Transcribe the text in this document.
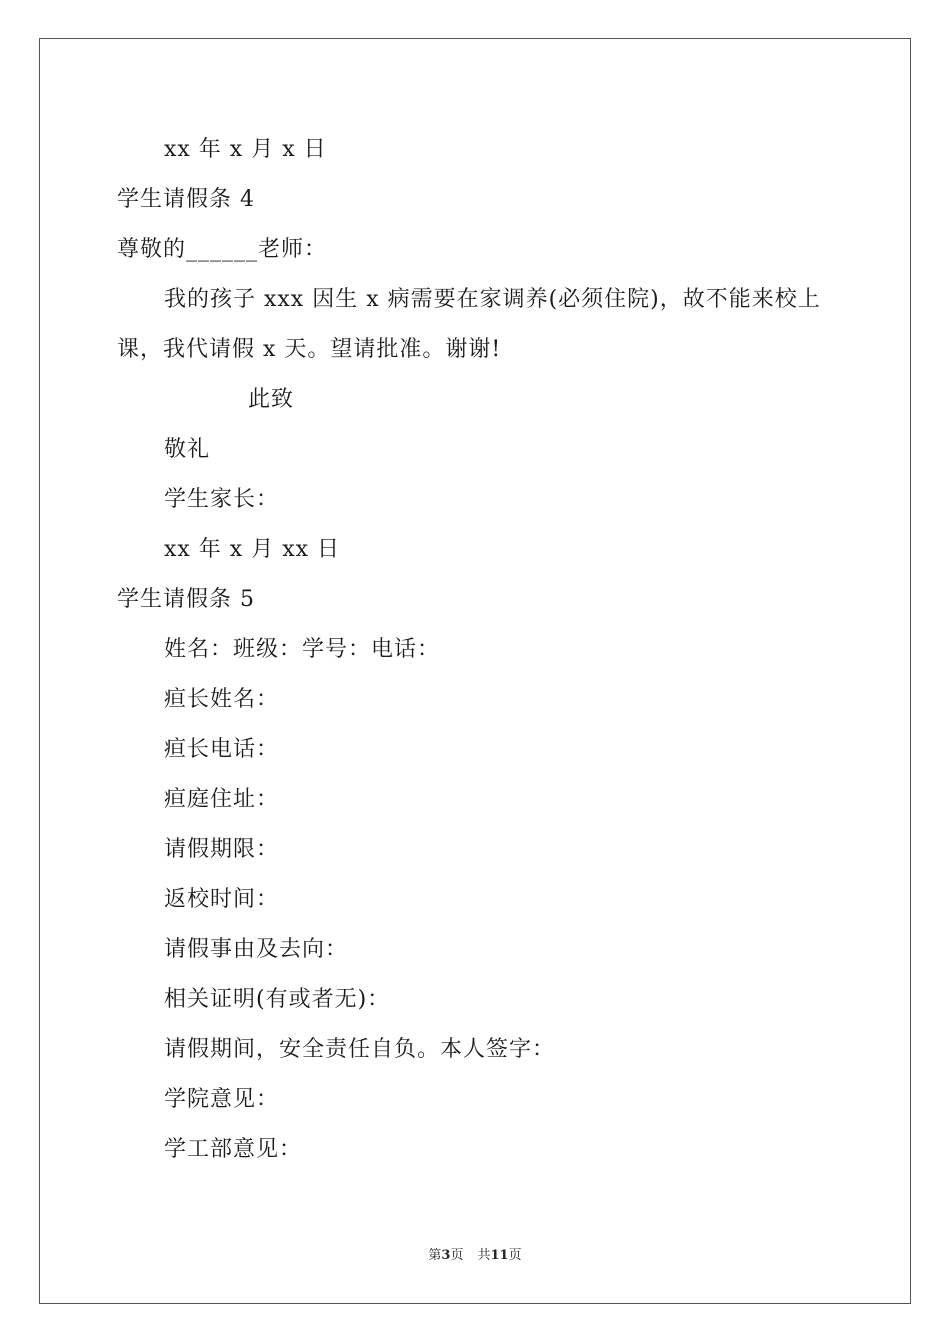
xx 年 x 月 x 日
学生请假条 4
尊敬的______老师：
我的孩子 xxx 因生 x 病需要在家调养(必须住院)，故不能来校上
课，我代请假 x 天。望请批准。谢谢!
此致
敬礼
学生家长：
xx 年 x 月 xx 日
学生请假条 5
姓名：班级：学号：电话：
疸长姓名：
疸长电话：
疸庭住址：
请假期限：
返校时间：
请假事由及去向：
相关证明(有或者无)：
请假期间，安全责任自负。本人签字：
学院意见：
学工部意见：
第3页 共11页
